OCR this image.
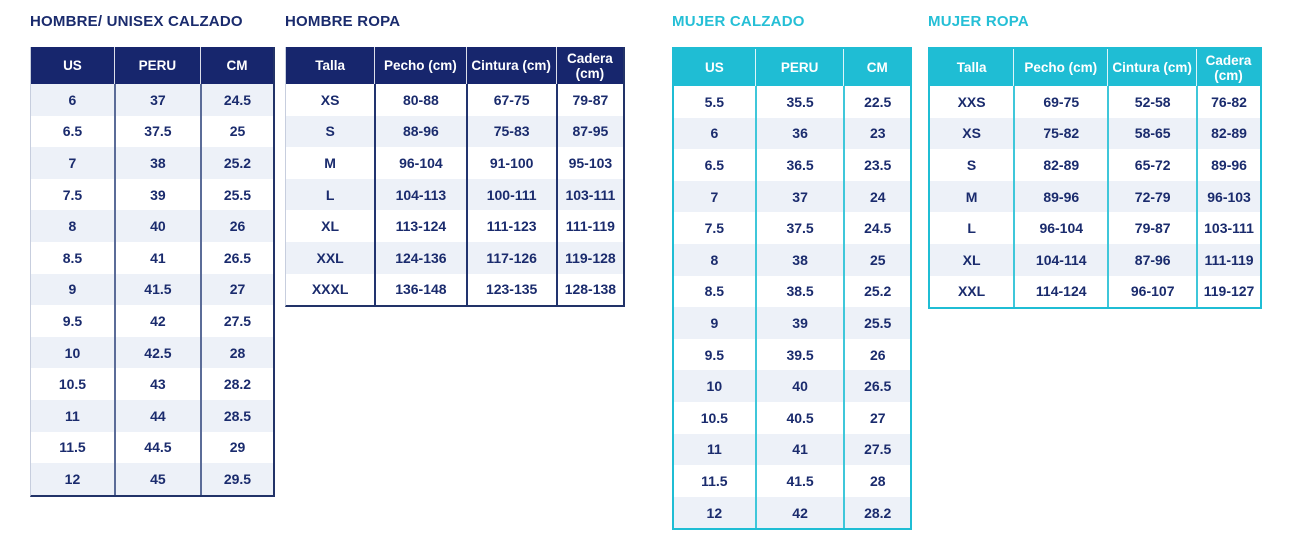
HOMBRE/ UNISEX CALZADO
US	PERU	CM
6	37	24.5
6.5	37.5	25
7	38	25.2
7.5	39	25.5
8	40	26
8.5	41	26.5
9	41.5	27
9.5	42	27.5
10	42.5	28
10.5	43	28.2
11	44	28.5
11.5	44.5	29
12	45	29.5
HOMBRE ROPA
Talla	Pecho (cm)	Cintura (cm)	Cadera (cm)
XS	80-88	67-75	79-87
S	88-96	75-83	87-95
M	96-104	91-100	95-103
L	104-113	100-111	103-111
XL	113-124	111-123	111-119
XXL	124-136	117-126	119-128
XXXL	136-148	123-135	128-138
MUJER CALZADO
US	PERU	CM
5.5	35.5	22.5
6	36	23
6.5	36.5	23.5
7	37	24
7.5	37.5	24.5
8	38	25
8.5	38.5	25.2
9	39	25.5
9.5	39.5	26
10	40	26.5
10.5	40.5	27
11	41	27.5
11.5	41.5	28
12	42	28.2
MUJER ROPA
Talla	Pecho (cm)	Cintura (cm)	Cadera (cm)
XXS	69-75	52-58	76-82
XS	75-82	58-65	82-89
S	82-89	65-72	89-96
M	89-96	72-79	96-103
L	96-104	79-87	103-111
XL	104-114	87-96	111-119
XXL	114-124	96-107	119-127
